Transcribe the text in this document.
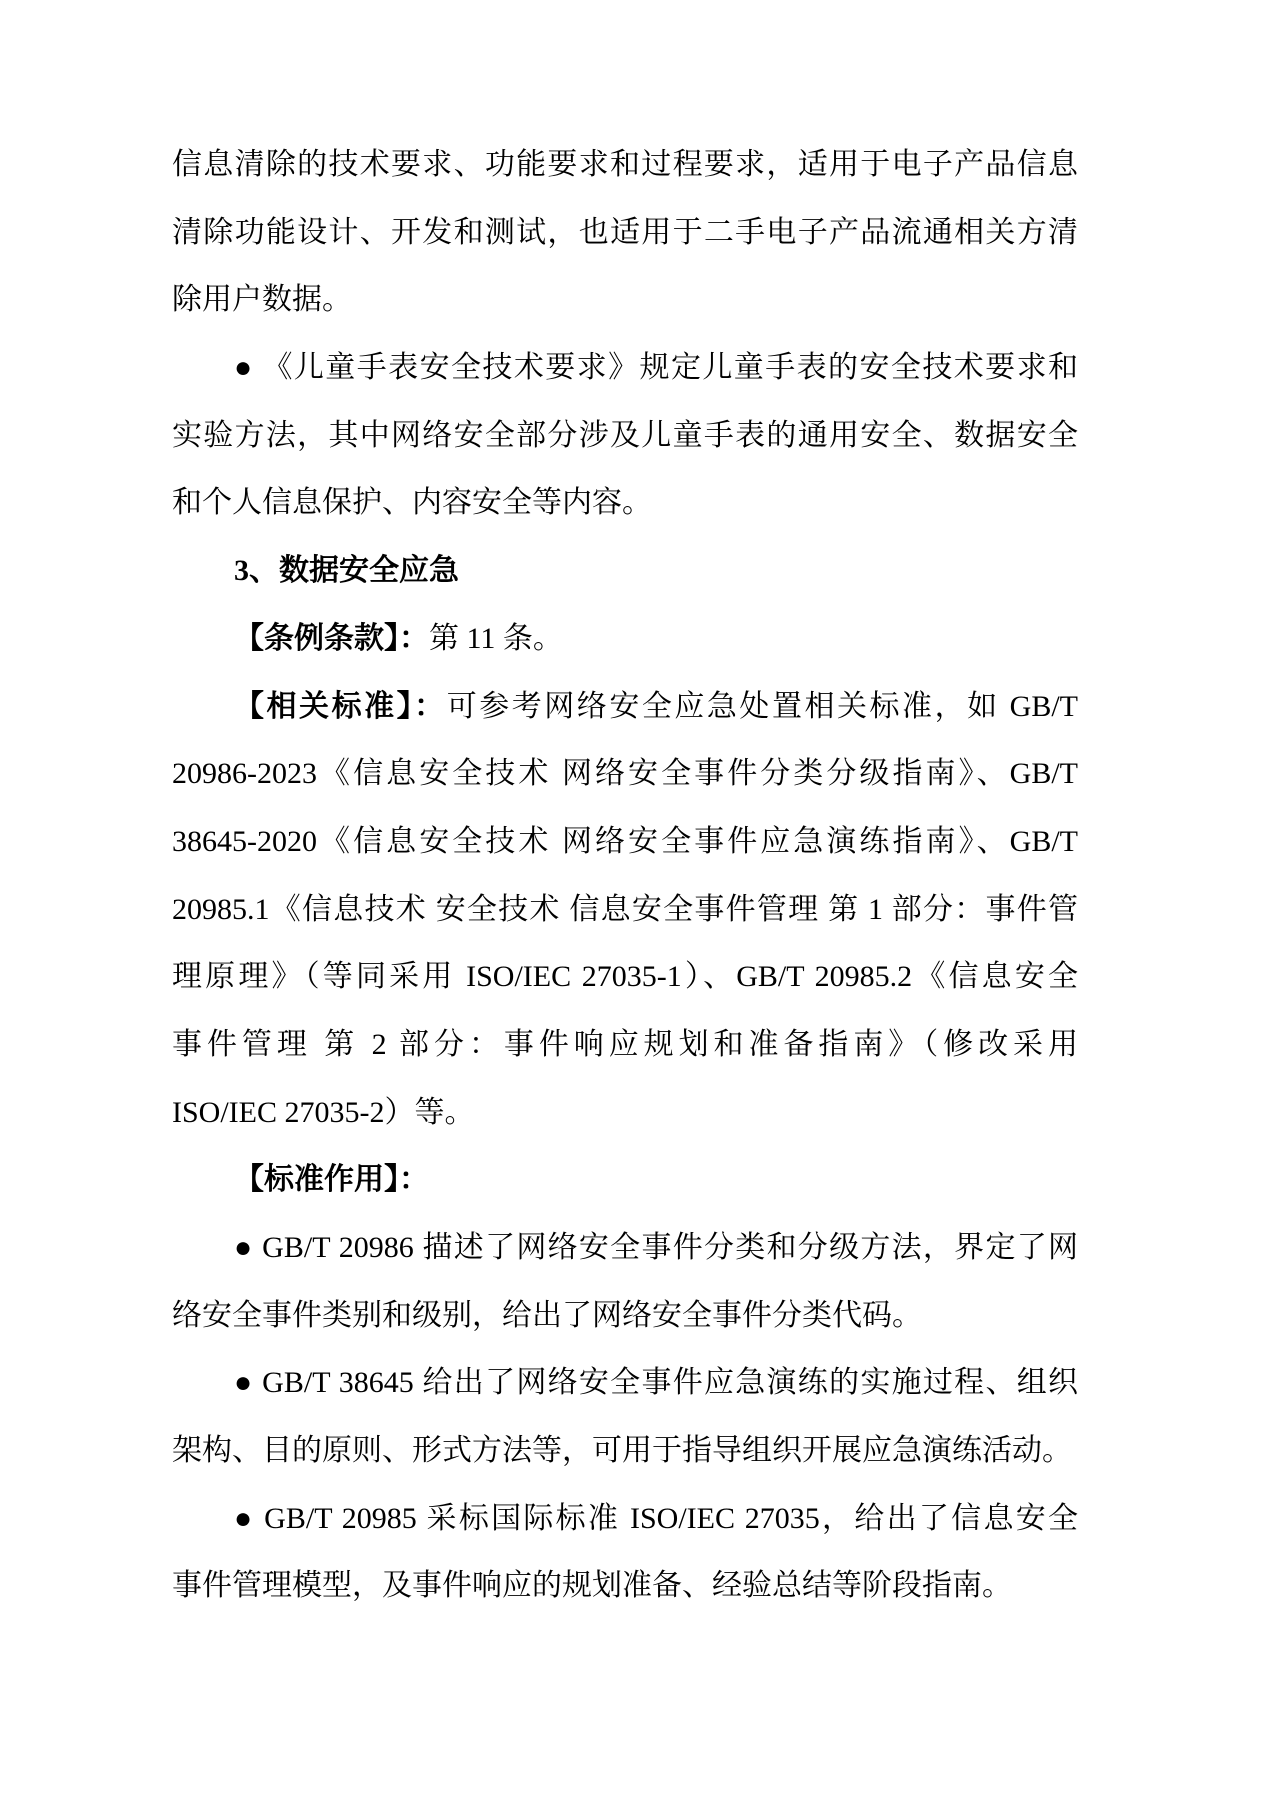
信息清除的技术要求、功能要求和过程要求，适用于电子产品信息
清除功能设计、开发和测试，也适用于二手电子产品流通相关方清
除用户数据。
● 《儿童手表安全技术要求》规定儿童手表的安全技术要求和
实验方法，其中网络安全部分涉及儿童手表的通用安全、数据安全
和个人信息保护、内容安全等内容。
3、数据安全应急
【条例条款】：第 11 条。
【相关标准】：可参考网络安全应急处置相关标准，如 GB/T
20986-2023《信息安全技术 网络安全事件分类分级指南》、GB/T
38645-2020《信息安全技术 网络安全事件应急演练指南》、GB/T
20985.1《信息技术 安全技术 信息安全事件管理 第 1 部分：事件管
理原理》（等同采用 ISO/IEC 27035-1）、GB/T 20985.2《信息安全
事件管理 第 2 部分：事件响应规划和准备指南》（修改采用
ISO/IEC 27035-2）等。
【标准作用】：
● GB/T 20986 描述了网络安全事件分类和分级方法，界定了网
络安全事件类别和级别，给出了网络安全事件分类代码。
● GB/T 38645 给出了网络安全事件应急演练的实施过程、组织
架构、目的原则、形式方法等，可用于指导组织开展应急演练活动。
● GB/T 20985 采标国际标准 ISO/IEC 27035，给出了信息安全
事件管理模型，及事件响应的规划准备、经验总结等阶段指南。
